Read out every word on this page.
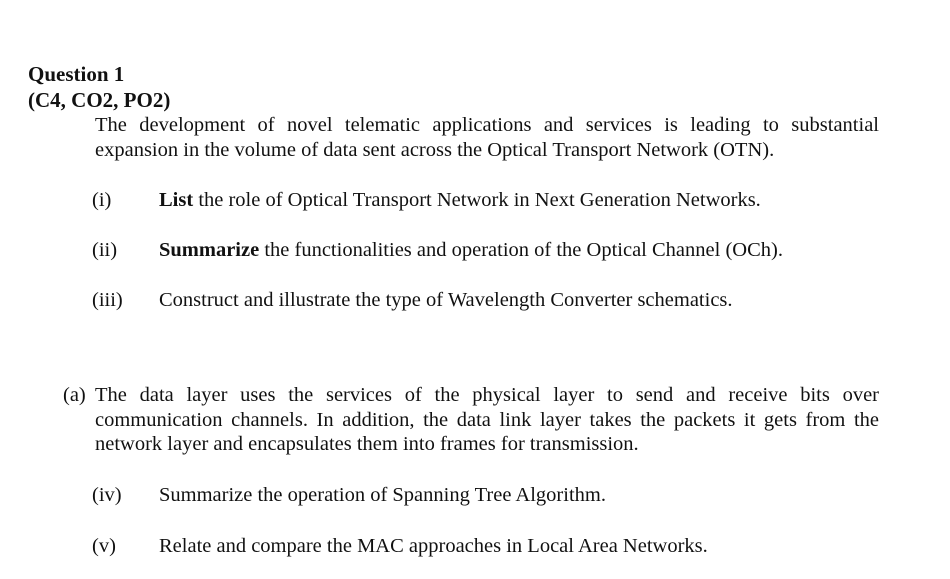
Question 1
(C4, CO2, PO2)
The development of novel telematic applications and services is leading to substantial expansion in the volume of data sent across the Optical Transport Network (OTN).
(i) List the role of Optical Transport Network in Next Generation Networks.
(ii) Summarize the functionalities and operation of the Optical Channel (OCh).
(iii) Construct and illustrate the type of Wavelength Converter schematics.
(a) The data layer uses the services of the physical layer to send and receive bits over communication channels. In addition, the data link layer takes the packets it gets from the network layer and encapsulates them into frames for transmission.
(iv) Summarize the operation of Spanning Tree Algorithm.
(v) Relate and compare the MAC approaches in Local Area Networks.
